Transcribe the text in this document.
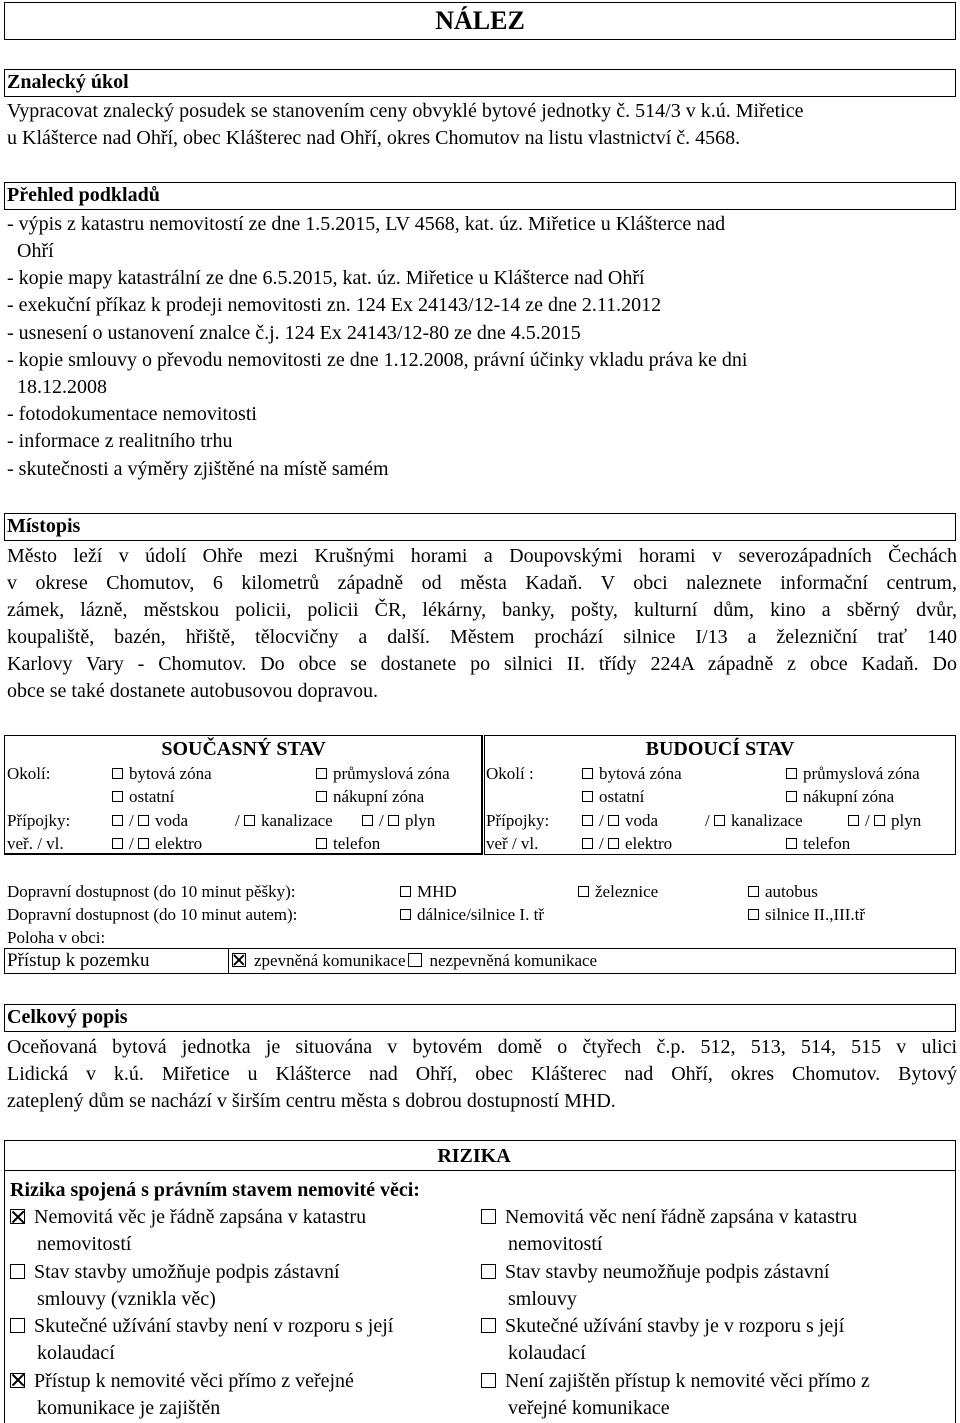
NÁLEZ
Znalecký úkol
Vypracovat znalecký posudek se stanovením ceny obvyklé bytové jednotky č. 514/3 v k.ú. Miřetice
u Klášterce nad Ohří, obec Klášterec nad Ohří, okres Chomutov na listu vlastnictví č. 4568.
Přehled podkladů
- výpis z katastru nemovitostí ze dne 1.5.2015, LV 4568, kat. úz. Miřetice u Klášterce nad
Ohří
- kopie mapy katastrální ze dne 6.5.2015, kat. úz. Miřetice u Klášterce nad Ohří
- exekuční příkaz k prodeji nemovitosti zn. 124 Ex 24143/12-14 ze dne 2.11.2012
- usnesení o ustanovení znalce č.j. 124 Ex 24143/12-80 ze dne 4.5.2015
- kopie smlouvy o převodu nemovitosti ze dne 1.12.2008, právní účinky vkladu práva ke dni
18.12.2008
- fotodokumentace nemovitosti
- informace z realitního trhu
- skutečnosti a výměry zjištěné na místě samém
Místopis
Město leží v údolí Ohře mezi Krušnými horami a Doupovskými horami v severozápadních Čechách
v okrese Chomutov, 6 kilometrů západně od města Kadaň. V obci naleznete informační centrum,
zámek, lázně, městskou policii, policii ČR, lékárny, banky, pošty, kulturní dům, kino a sběrný dvůr,
koupaliště, bazén, hřiště, tělocvičny a další. Městem prochází silnice I/13 a železniční trať 140
Karlovy Vary - Chomutov. Do obce se dostanete po silnici II. třídy 224A západně z obce Kadaň. Do
obce se také dostanete autobusovou dopravou.
SOUČASNÝ STAV	BUDOUCÍ STAV
Okolí:	bytová zóna	průmyslová zóna
ostatní	nákupní zóna
Přípojky:	/ voda	/ kanalizace	/ plyn
veř. / vl.	/ elektro	telefon
Okolí :	bytová zóna	průmyslová zóna
ostatní	nákupní zóna
Přípojky:	/ voda	/ kanalizace	/ plyn
veř / vl.	/ elektro	telefon
Dopravní dostupnost (do 10 minut pěšky):	MHD	železnice	autobus
Dopravní dostupnost (do 10 minut autem):	dálnice/silnice I. tř	silnice II.,III.tř
Poloha v obci:
Přístup k pozemku	zpevněná komunikace nezpevněná komunikace
Celkový popis
Oceňovaná bytová jednotka je situována v bytovém domě o čtyřech č.p. 512, 513, 514, 515 v ulici
Lidická v k.ú. Miřetice u Klášterce nad Ohří, obec Klášterec nad Ohří, okres Chomutov. Bytový
zateplený dům se nachází v širším centru města s dobrou dostupností MHD.
RIZIKA
Rizika spojená s právním stavem nemovité věci:
Nemovitá věc je řádně zapsána v katastru
nemovitostí
Nemovitá věc není řádně zapsána v katastru
nemovitostí
Stav stavby umožňuje podpis zástavní
smlouvy (vznikla věc)
Stav stavby neumožňuje podpis zástavní
smlouvy
Skutečné užívání stavby není v rozporu s její
kolaudací
Skutečné užívání stavby je v rozporu s její
kolaudací
Přístup k nemovité věci přímo z veřejné
komunikace je zajištěn
Není zajištěn přístup k nemovité věci přímo z
veřejné komunikace
